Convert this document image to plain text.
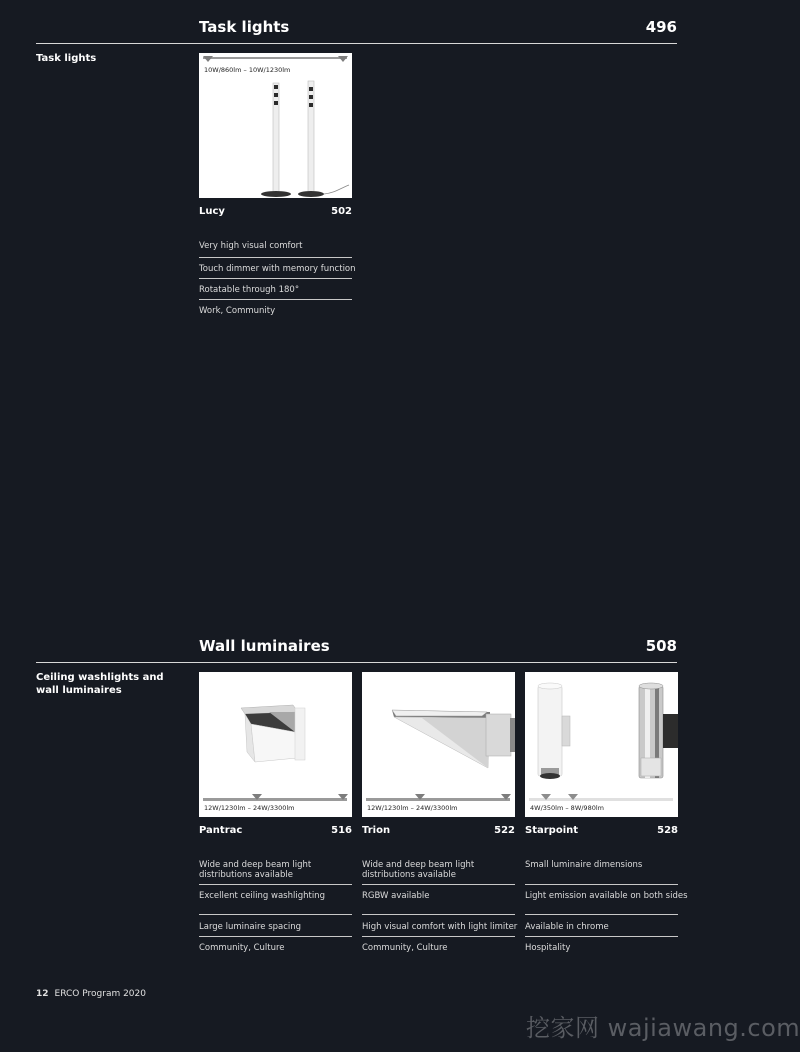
Task lights	496
Task lights
10W/860lm – 10W/1230lm
Lucy	502
Very high visual comfort
Touch dimmer with memory function
Rotatable through 180°
Work, Community
Wall luminaires	508
Ceiling washlights and wall luminaires
12W/1230lm – 24W/3300lm
Pantrac	516
Wide and deep beam light distributions available
Excellent ceiling washlighting
Large luminaire spacing
Community, Culture
12W/1230lm – 24W/3300lm
Trion	522
Wide and deep beam light distributions available
RGBW available
High visual comfort with light limiter
Community, Culture
4W/350lm – 8W/980lm
Starpoint	528
Small luminaire dimensions
Light emission available on both sides
Available in chrome
Hospitality
12 ERCO Program 2020
挖家网 wajiawang.com
